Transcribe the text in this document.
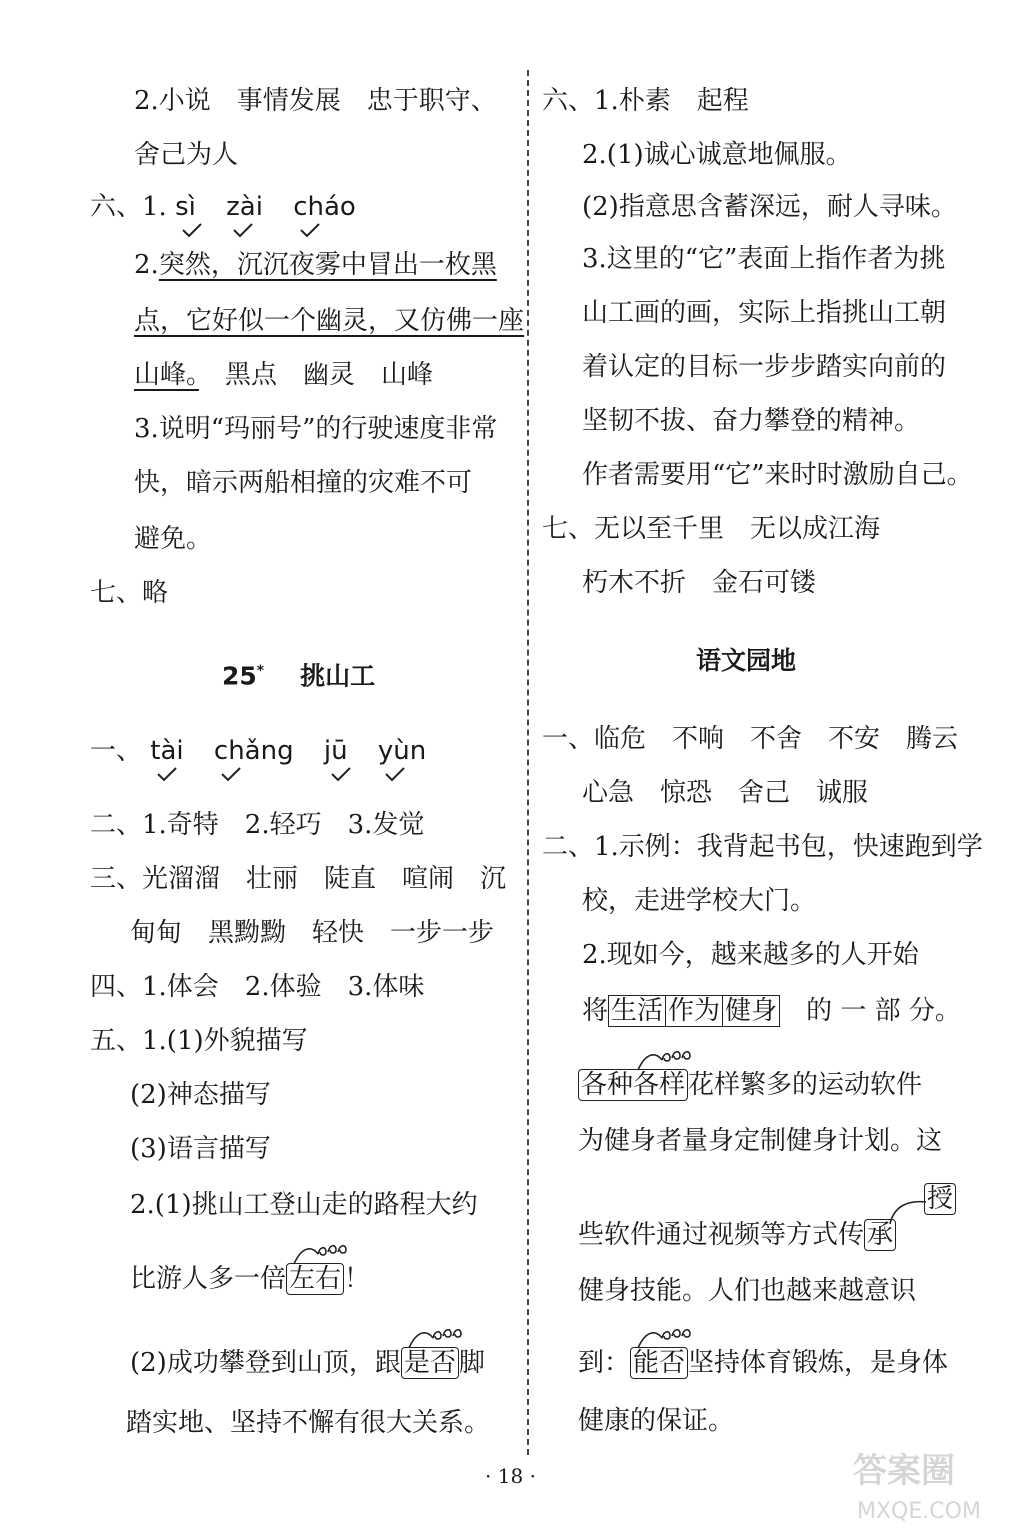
2.小说　事情发展　忠于职守、
舍己为人
六、1. sì zài cháo
2.突然，沉沉夜雾中冒出一枚黑
点，它好似一个幽灵，又仿佛一座
山峰。　黑点　幽灵　山峰
3.说明“玛丽号”的行驶速度非常
快，暗示两船相撞的灾难不可
避免。
七、略
25* 挑山工
一、 tài chǎng jū yùn
二、1.奇特　2.轻巧　3.发觉
三、光溜溜　壮丽　陡直　喧闹　沉
甸甸　黑黝黝　轻快　一步一步
四、1.体会　2.体验　3.体味
五、1.(1)外貌描写
(2)神态描写
(3)语言描写
2.(1)挑山工登山走的路程大约
比游人多一倍 左右 ！
(2)成功攀登到山顶，跟 是否 脚
踏实地、坚持不懈有很大关系。
六、1.朴素　起程
2.(1)诚心诚意地佩服。
(2)指意思含蓄深远，耐人寻味。
3.这里的“它”表面上指作者为挑
山工画的画，实际上指挑山工朝
着认定的目标一步步踏实向前的
坚韧不拔、奋力攀登的精神。
作者需要用“它”来时时激励自己。
七、无以至千里　无以成江海
朽木不折　金石可镂
语文园地
一、临危　不响　不舍　不安　腾云
心急　惊恐　舍己　诚服
二、1.示例：我背起书包，快速跑到学
校，走进学校大门。
2.现如今，越来越多的人开始
将 生活 作为 健身　 的 一 部 分。
各种各样 花样繁多的运动软件
为健身者量身定制健身计划。这
授
些软件通过视频等方式传 承
健身技能。人们也越来越意识
到： 能否 坚持体育锻炼，是身体
健康的保证。
· 18 ·	答案圈
MXQE.COM
